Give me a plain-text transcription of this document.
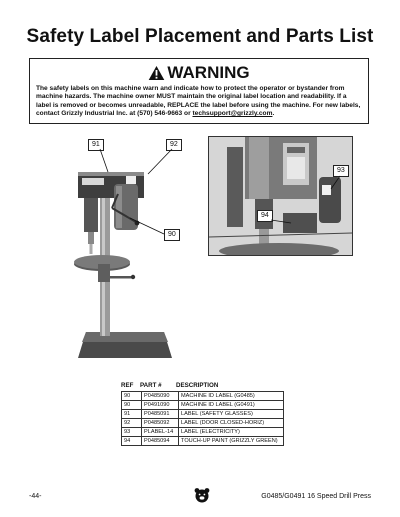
Safety Label Placement and Parts List
WARNING
The safety labels on this machine warn and indicate how to protect the operator or bystander from machine hazards. The machine owner MUST maintain the original label location and readability. If a label is removed or becomes unreadable, REPLACE the label before using the machine. For new labels, contact Grizzly Industrial Inc. at (570) 546-9663 or techsupport@grizzly.com.
91	92
90
93
94
REF	PART #	DESCRIPTION
90	P0485090	MACHINE ID LABEL (G0485)
90	P0491090	MACHINE ID LABEL (G0491)
91	P0485091	LABEL (SAFETY GLASSES)
92	P0485092	LABEL (DOOR CLOSED-HORIZ)
93	PLABEL-14	LABEL (ELECTRICITY)
94	P0485094	TOUCH-UP PAINT (GRIZZLY GREEN)
-44-	G0485/G0491 16 Speed Drill Press
